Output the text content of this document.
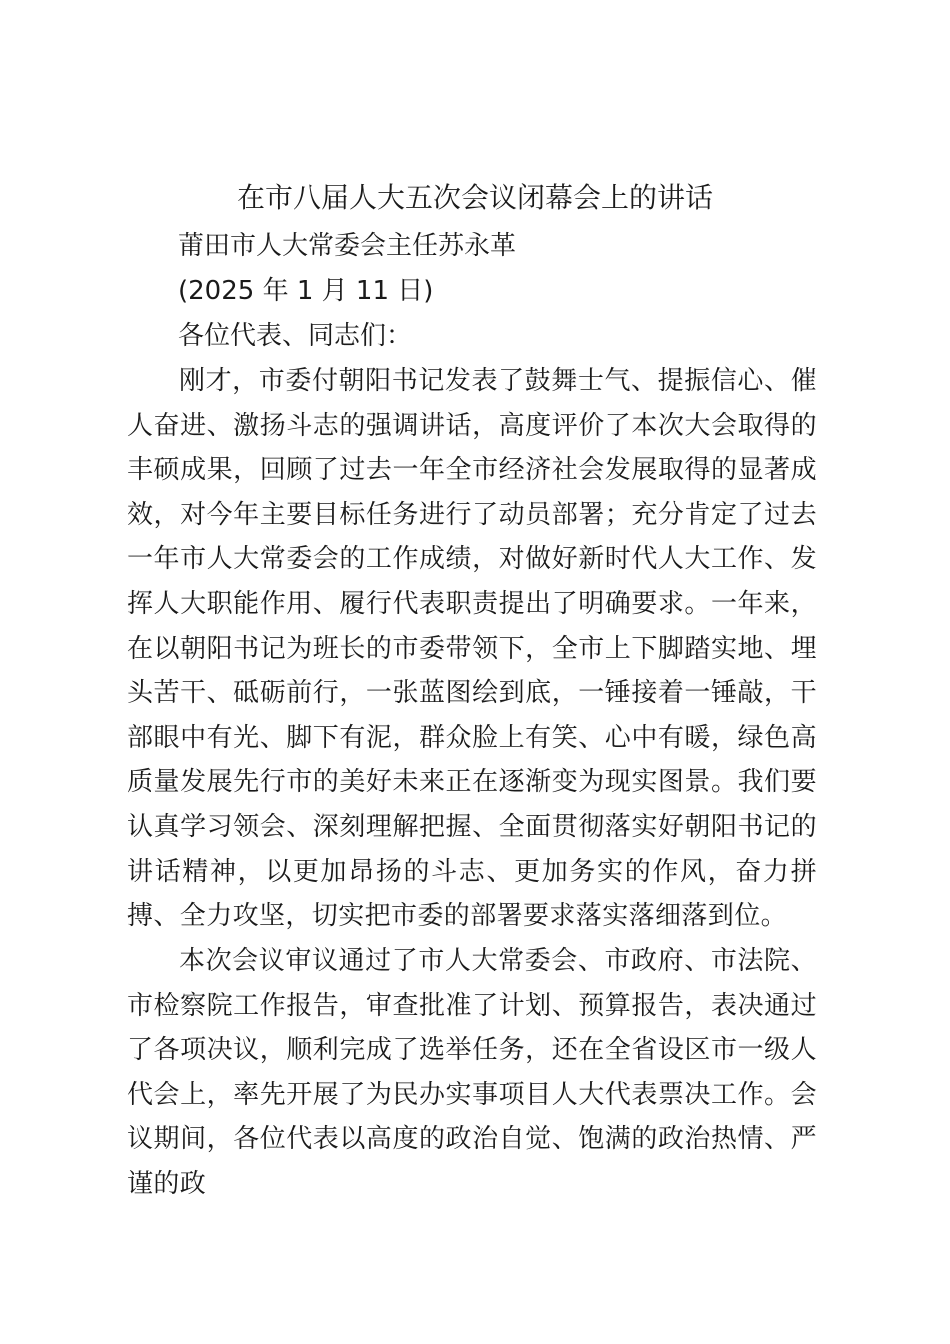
在市八届人大五次会议闭幕会上的讲话

莆田市人大常委会主任苏永革

(2025 年 1 月 11 日)

各位代表、同志们：

刚才，市委付朝阳书记发表了鼓舞士气、提振信心、催人奋进、激扬斗志的强调讲话，高度评价了本次大会取得的丰硕成果，回顾了过去一年全市经济社会发展取得的显著成效，对今年主要目标任务进行了动员部署；充分肯定了过去一年市人大常委会的工作成绩，对做好新时代人大工作、发挥人大职能作用、履行代表职责提出了明确要求。一年来，在以朝阳书记为班长的市委带领下，全市上下脚踏实地、埋头苦干、砥砺前行，一张蓝图绘到底，一锤接着一锤敲，干部眼中有光、脚下有泥，群众脸上有笑、心中有暖，绿色高质量发展先行市的美好未来正在逐渐变为现实图景。我们要认真学习领会、深刻理解把握、全面贯彻落实好朝阳书记的讲话精神，以更加昂扬的斗志、更加务实的作风，奋力拼搏、全力攻坚，切实把市委的部署要求落实落细落到位。

本次会议审议通过了市人大常委会、市政府、市法院、市检察院工作报告，审查批准了计划、预算报告，表决通过了各项决议，顺利完成了选举任务，还在全省设区市一级人代会上，率先开展了为民办实事项目人大代表票决工作。会议期间，各位代表以高度的政治自觉、饱满的政治热情、严谨的政
